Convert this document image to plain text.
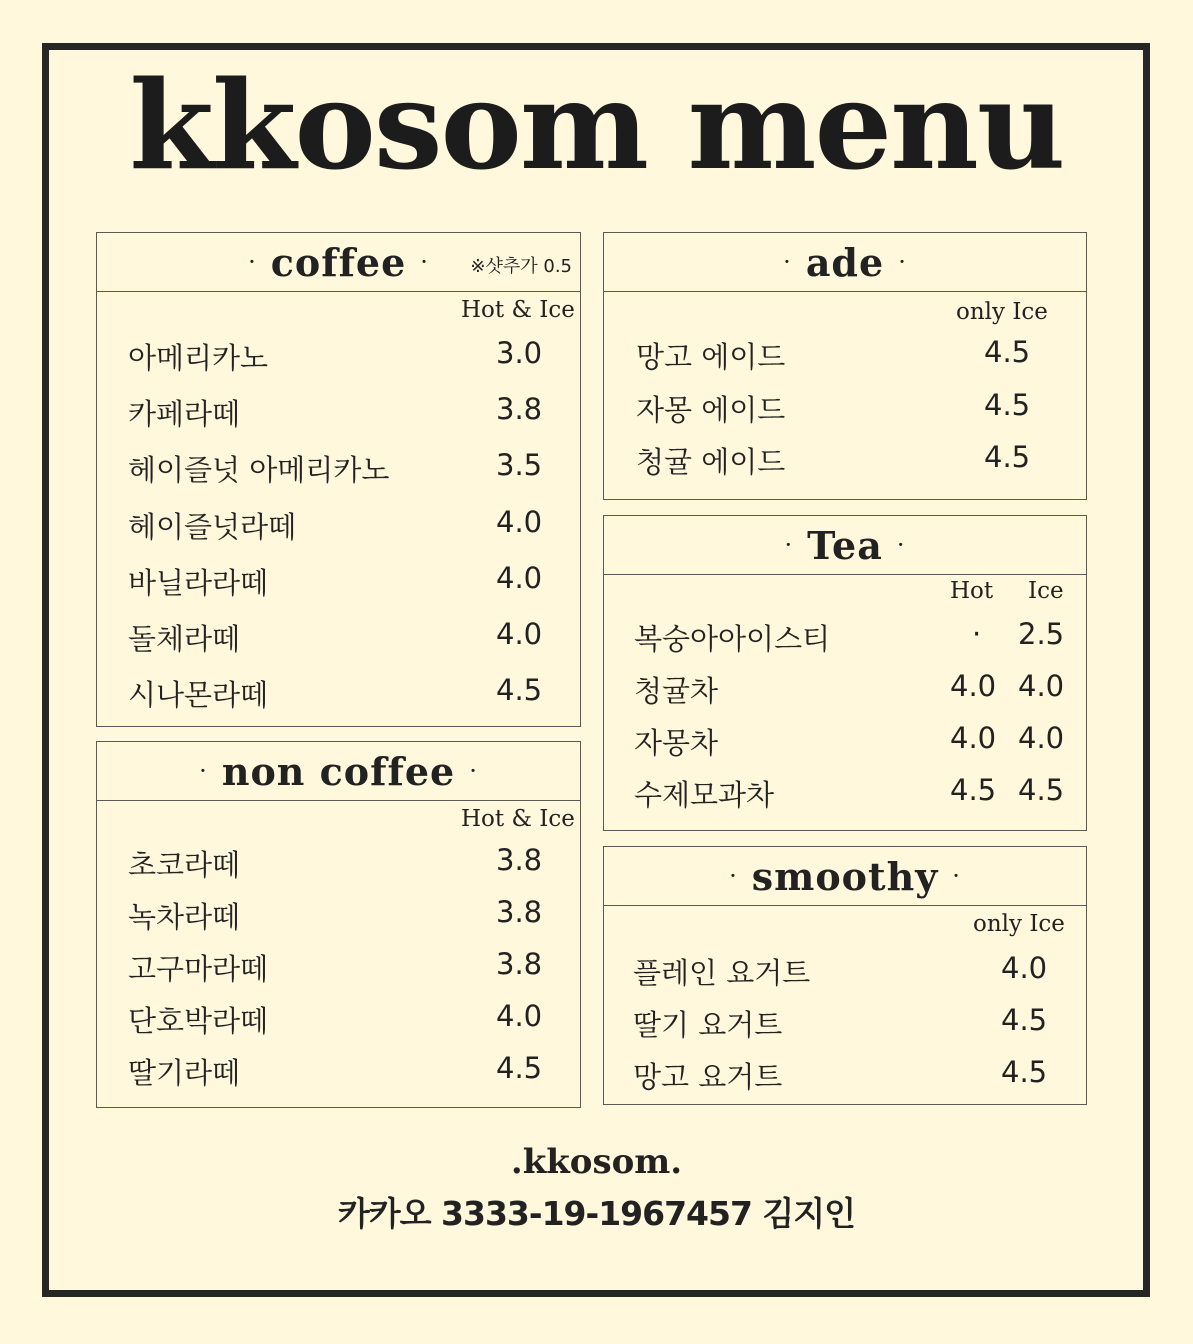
kkosom menu
· coffee ·	※샷추가 0.5
Hot & Ice
아메리카노	3.0
카페라떼	3.8
헤이즐넛 아메리카노	3.5
헤이즐넛라떼	4.0
바닐라라떼	4.0
돌체라떼	4.0
시나몬라떼	4.5
· non coffee ·
Hot & Ice
초코라떼	3.8
녹차라떼	3.8
고구마라떼	3.8
단호박라떼	4.0
딸기라떼	4.5
· ade ·
only Ice
망고 에이드	4.5
자몽 에이드	4.5
청귤 에이드	4.5
· Tea ·
Hot Ice
복숭아아이스티	· 2.5
청귤차	4.0 4.0
자몽차	4.0 4.0
수제모과차	4.5 4.5
· smoothy ·
only Ice
플레인 요거트	4.0
딸기 요거트	4.5
망고 요거트	4.5
.kkosom.
카카오 3333-19-1967457 김지인
